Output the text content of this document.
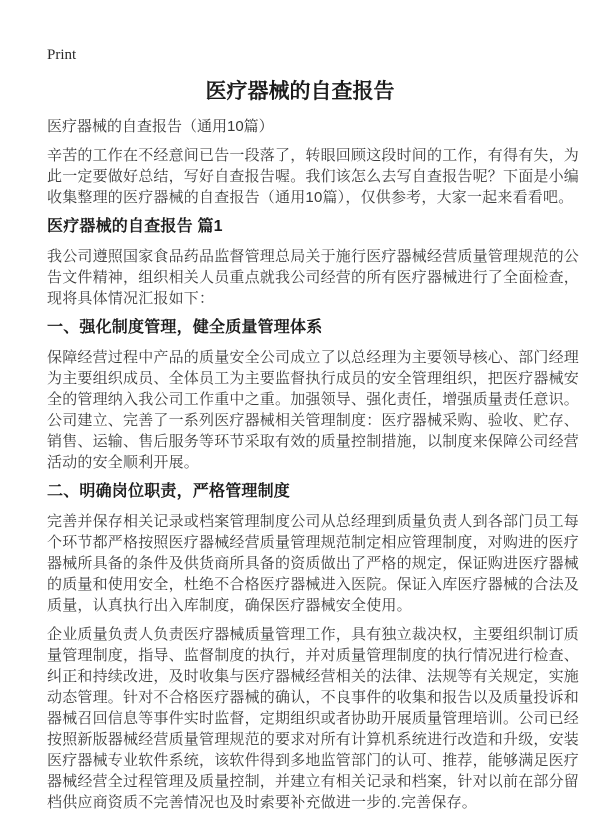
Print
医疗器械的自查报告
医疗器械的自查报告（通用10篇）

辛苦的工作在不经意间已告一段落了，转眼回顾这段时间的工作，有得有失，为此一定要做好总结，写好自查报告喔。我们该怎么去写自查报告呢？下面是小编收集整理的医疗器械的自查报告（通用10篇），仅供参考，大家一起来看看吧。

医疗器械的自查报告 篇1

我公司遵照国家食品药品监督管理总局关于施行医疗器械经营质量管理规范的公告文件精神，组织相关人员重点就我公司经营的所有医疗器械进行了全面检查，现将具体情况汇报如下：

一、强化制度管理，健全质量管理体系

保障经营过程中产品的质量安全公司成立了以总经理为主要领导核心、部门经理为主要组织成员、全体员工为主要监督执行成员的安全管理组织，把医疗器械安全的管理纳入我公司工作重中之重。加强领导、强化责任，增强质量责任意识。公司建立、完善了一系列医疗器械相关管理制度：医疗器械采购、验收、贮存、销售、运输、售后服务等环节采取有效的质量控制措施，以制度来保障公司经营活动的安全顺利开展。

二、明确岗位职责，严格管理制度

完善并保存相关记录或档案管理制度公司从总经理到质量负责人到各部门员工每个环节都严格按照医疗器械经营质量管理规范制定相应管理制度，对购进的医疗器械所具备的条件及供货商所具备的资质做出了严格的规定，保证购进医疗器械的质量和使用安全，杜绝不合格医疗器械进入医院。保证入库医疗器械的合法及质量，认真执行出入库制度，确保医疗器械安全使用。

企业质量负责人负责医疗器械质量管理工作，具有独立裁决权，主要组织制订质量管理制度，指导、监督制度的执行，并对质量管理制度的执行情况进行检查、纠正和持续改进，及时收集与医疗器械经营相关的法律、法规等有关规定，实施动态管理。针对不合格医疗器械的确认，不良事件的收集和报告以及质量投诉和器械召回信息等事件实时监督，定期组织或者协助开展质量管理培训。公司已经按照新版器械经营质量管理规范的要求对所有计算机系统进行改造和升级，安装医疗器械专业软件系统，该软件得到多地监管部门的认可、推荐，能够满足医疗器械经营全过程管理及质量控制，并建立有相关记录和档案，针对以前在部分留档供应商资质不完善情况也及时索要补充做进一步的.完善保存。
